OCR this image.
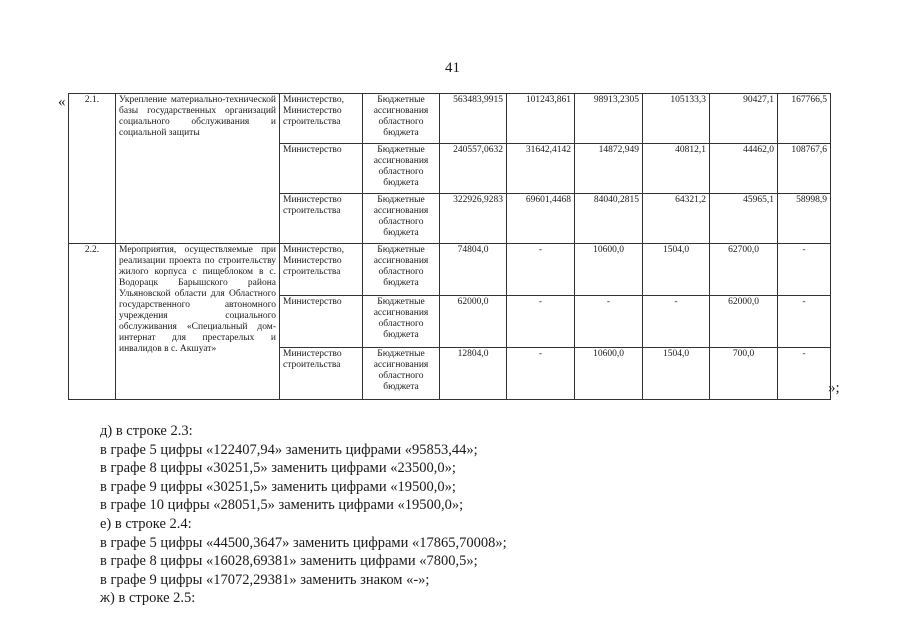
41
« 2.1.	Укрепление материально-технической базы государственных организаций социального обслуживания и социальной защиты	Министерство, Министерство строительства	Бюджетные ассигнования областного бюджета	563483,9915	101243,861	98913,2305	105133,3	90427,1	167766,5
		Министерство	Бюджетные ассигнования областного бюджета	240557,0632	31642,4142	14872,949	40812,1	44462,0	108767,6
		Министерство строительства	Бюджетные ассигнования областного бюджета	322926,9283	69601,4468	84040,2815	64321,2	45965,1	58998,9
2.2.	Мероприятия, осуществляемые при реализации проекта по строительству жилого корпуса с пищеблоком в с. Водорацк Барышского района Ульяновской области для Областного государственного автономного учреждения социального обслуживания «Специальный дом-интернат для престарелых и инвалидов в с. Акшуат»	Министерство, Министерство строительства	Бюджетные ассигнования областного бюджета	74804,0	-	10600,0	1504,0	62700,0	-
		Министерство	Бюджетные ассигнования областного бюджета	62000,0	-	-	-	62000,0	-
		Министерство строительства	Бюджетные ассигнования областного бюджета	12804,0	-	10600,0	1504,0	700,0	-
»;
д) в строке 2.3:
в графе 5 цифры «122407,94» заменить цифрами «95853,44»;
в графе 8 цифры «30251,5» заменить цифрами «23500,0»;
в графе 9 цифры «30251,5» заменить цифрами «19500,0»;
в графе 10 цифры «28051,5» заменить цифрами «19500,0»;
е) в строке 2.4:
в графе 5 цифры «44500,3647» заменить цифрами «17865,70008»;
в графе 8 цифры «16028,69381» заменить цифрами «7800,5»;
в графе 9 цифры «17072,29381» заменить знаком «-»;
ж) в строке 2.5:
